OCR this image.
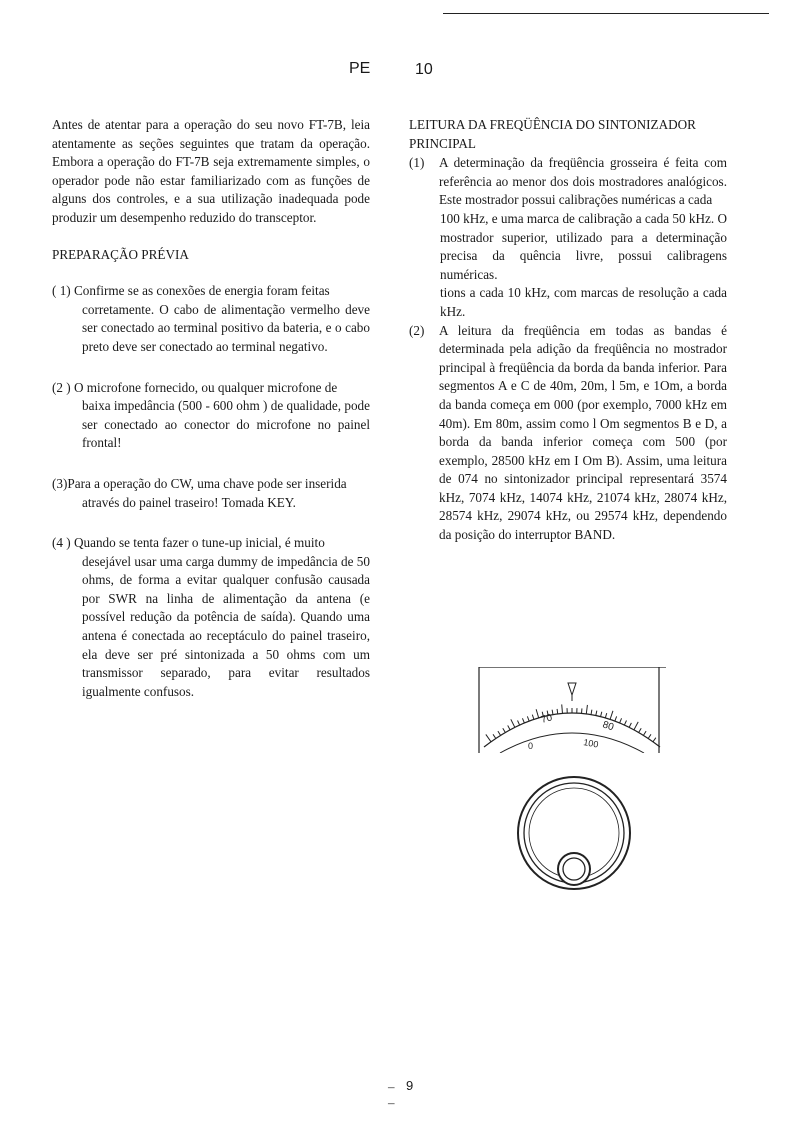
PE	10

Antes de atentar para a operação do seu novo FT-7B, leia atentamente as seções seguintes que tratam da operação. Embora a operação do FT-7B seja extremamente simples, o operador pode não estar familiarizado com as funções de alguns dos controles, e a sua utilização inadequada pode produzir um desempenho reduzido do transceptor.

PREPARAÇÃO PRÉVIA

( 1) Confirme se as conexões de energia foram feitas
corretamente. O cabo de alimentação vermelho deve ser conectado ao terminal positivo da bateria, e o cabo preto deve ser conectado ao terminal negativo.
(2 ) O microfone fornecido, ou qualquer microfone de
baixa impedância (500 - 600 ohm ) de qualidade, pode ser conectado ao conector do microfone no painel frontal!
(3)Para a operação do CW, uma chave pode ser inserida
através do painel traseiro! Tomada KEY.
(4 ) Quando se tenta fazer o tune-up inicial, é muito
desejável usar uma carga dummy de impedância de 50 ohms, de forma a evitar qualquer confusão causada por SWR na linha de alimentação da antena (e possível redução da potência de saída). Quando uma antena é conectada ao receptáculo do painel traseiro, ela deve ser pré sintonizada a 50 ohms com um transmissor separado, para evitar resultados igualmente confusos.

LEITURA DA FREQÜÊNCIA DO SINTONIZADOR PRINCIPAL

(1)	A determinação da freqüência grosseira é feita com referência ao menor dos dois mostradores analógicos. Este mostrador possui calibrações numéricas a cada
100 kHz, e uma marca de calibração a cada 50 kHz. O mostrador superior, utilizado para a determinação precisa da quência livre, possui calibragens numéricas.
tions a cada 10 kHz, com marcas de resolução a cada kHz.
(2)	A leitura da freqüência em todas as bandas é determinada pela adição da freqüência no mostrador principal à freqüência da borda da banda inferior. Para segmentos A e C de 40m, 20m, l 5m, e 1Om, a borda da banda começa em 000 (por exemplo, 7000 kHz em 40m). Em 80m, assim como l Om segmentos B e D, a borda da banda inferior começa com 500 (por exemplo, 28500 kHz em I Om B). Assim, uma leitura de 074 no sintonizador principal representará 3574 kHz, 7074 kHz, 14074 kHz, 21074 kHz, 28074 kHz, 28574 kHz, 29074 kHz, ou 29574 kHz, dependendo da posição do interruptor BAND.
70
80
0	100
– 9
–
